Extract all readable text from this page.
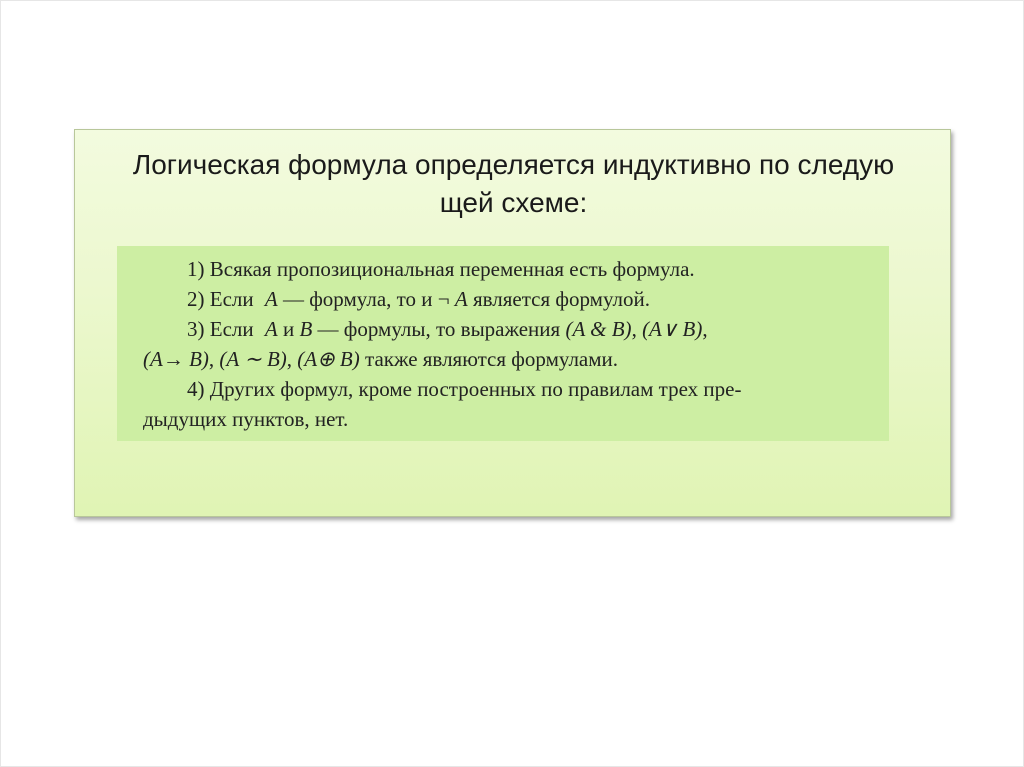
Логическая формула определяется индуктивно по следую
щей схеме:
1) Всякая пропозициональная переменная есть формула.
2) Если A — формула, то и ¬ A является формулой.
3) Если A и B — формулы, то выражения (A & B), (A∨ B),
(A→ B), (A ∼ B), (A⊕ B) также являются формулами.
4) Других формул, кроме построенных по правилам трех пре-
дыдущих пунктов, нет.
